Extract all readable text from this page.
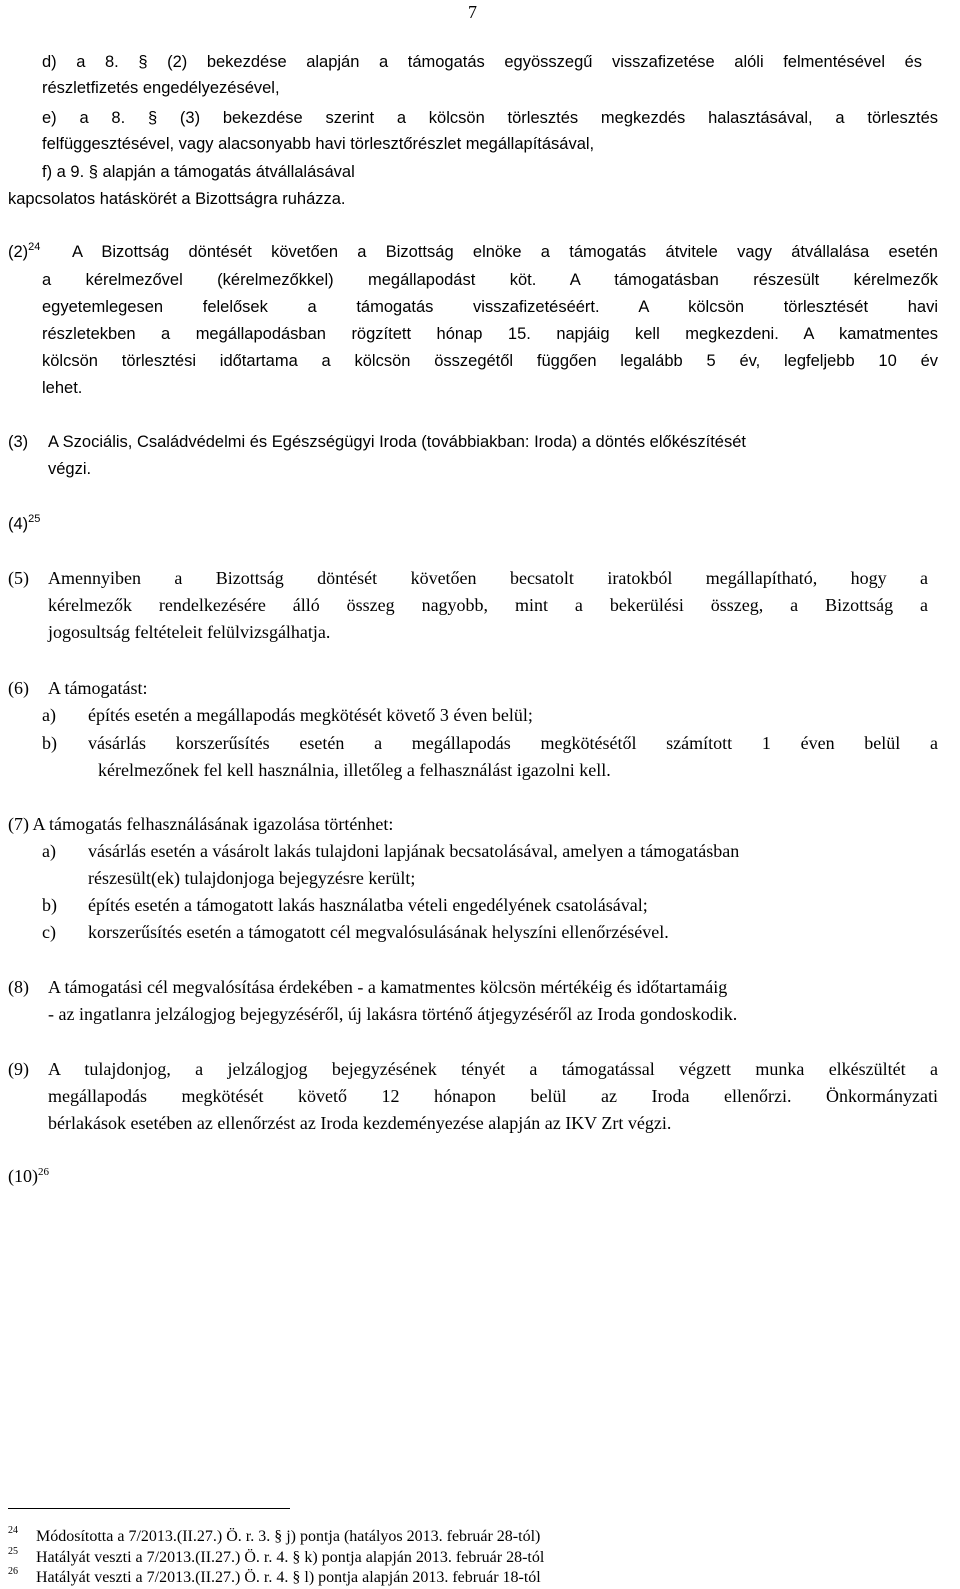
7
d) a 8. § (2) bekezdése alapján a támogatás egyösszegű visszafizetése alóli felmentésével és
részletfizetés engedélyezésével,
e) a 8. § (3) bekezdése szerint a kölcsön törlesztés megkezdés halasztásával, a törlesztés
felfüggesztésével, vagy alacsonyabb havi törlesztőrészlet megállapításával,
f) a 9. § alapján a támogatás átvállalásával
kapcsolatos hatáskörét a Bizottságra ruházza.
$(2)^{24}$ A Bizottság döntését követően a Bizottság elnöke a támogatás átvitele vagy átvállalása esetén
a kérelmezővel (kérelmezőkkel) megállapodást köt. A támogatásban részesült kérelmezők
egyetemlegesen felelősek a támogatás visszafizetéséért. A kölcsön törlesztését havi
részletekben a megállapodásban rögzített hónap 15. napjáig kell megkezdeni. A kamatmentes
kölcsön törlesztési időtartama a kölcsön összegétől függően legalább 5 év, legfeljebb 10 év
lehet.
(3) A Szociális, Családvédelmi és Egészségügyi Iroda (továbbiakban: Iroda) a döntés előkészítését
végzi.
$(4)^{25}$
(5) Amennyiben a Bizottság döntését követően becsatolt iratokból megállapítható, hogy a
kérelmezők rendelkezésére álló összeg nagyobb, mint a bekerülési összeg, a Bizottság a
jogosultság feltételeit felülvizsgálhatja.
(6) A támogatást:
a) építés esetén a megállapodás megkötését követő 3 éven belül;
b) vásárlás korszerűsítés esetén a megállapodás megkötésétől számított 1 éven belül a
kérelmezőnek fel kell használnia, illetőleg a felhasználást igazolni kell.
(7) A támogatás felhasználásának igazolása történhet:
a) vásárlás esetén a vásárolt lakás tulajdoni lapjának becsatolásával, amelyen a támogatásban
részesült(ek) tulajdonjoga bejegyzésre került;
b) építés esetén a támogatott lakás használatba vételi engedélyének csatolásával;
c) korszerűsítés esetén a támogatott cél megvalósulásának helyszíni ellenőrzésével.
(8) A támogatási cél megvalósítása érdekében - a kamatmentes kölcsön mértékéig és időtartamáig
- az ingatlanra jelzálogjog bejegyzéséről, új lakásra történő átjegyzéséről az Iroda gondoskodik.
(9) A tulajdonjog, a jelzálogjog bejegyzésének tényét a támogatással végzett munka elkészültét a
megállapodás megkötését követő 12 hónapon belül az Iroda ellenőrzi. Önkormányzati
bérlakások esetében az ellenőrzést az Iroda kezdeményezése alapján az IKV Zrt végzi.
$(10)^{26}$
24 Módosította a 7/2013.(II.27.) Ö. r. 3. § j) pontja (hatályos 2013. február 28-tól)
25 Hatályát veszti a 7/2013.(II.27.) Ö. r. 4. § k) pontja alapján 2013. február 28-tól
26 Hatályát veszti a 7/2013.(II.27.) Ö. r. 4. § l) pontja alapján 2013. február 18-tól
